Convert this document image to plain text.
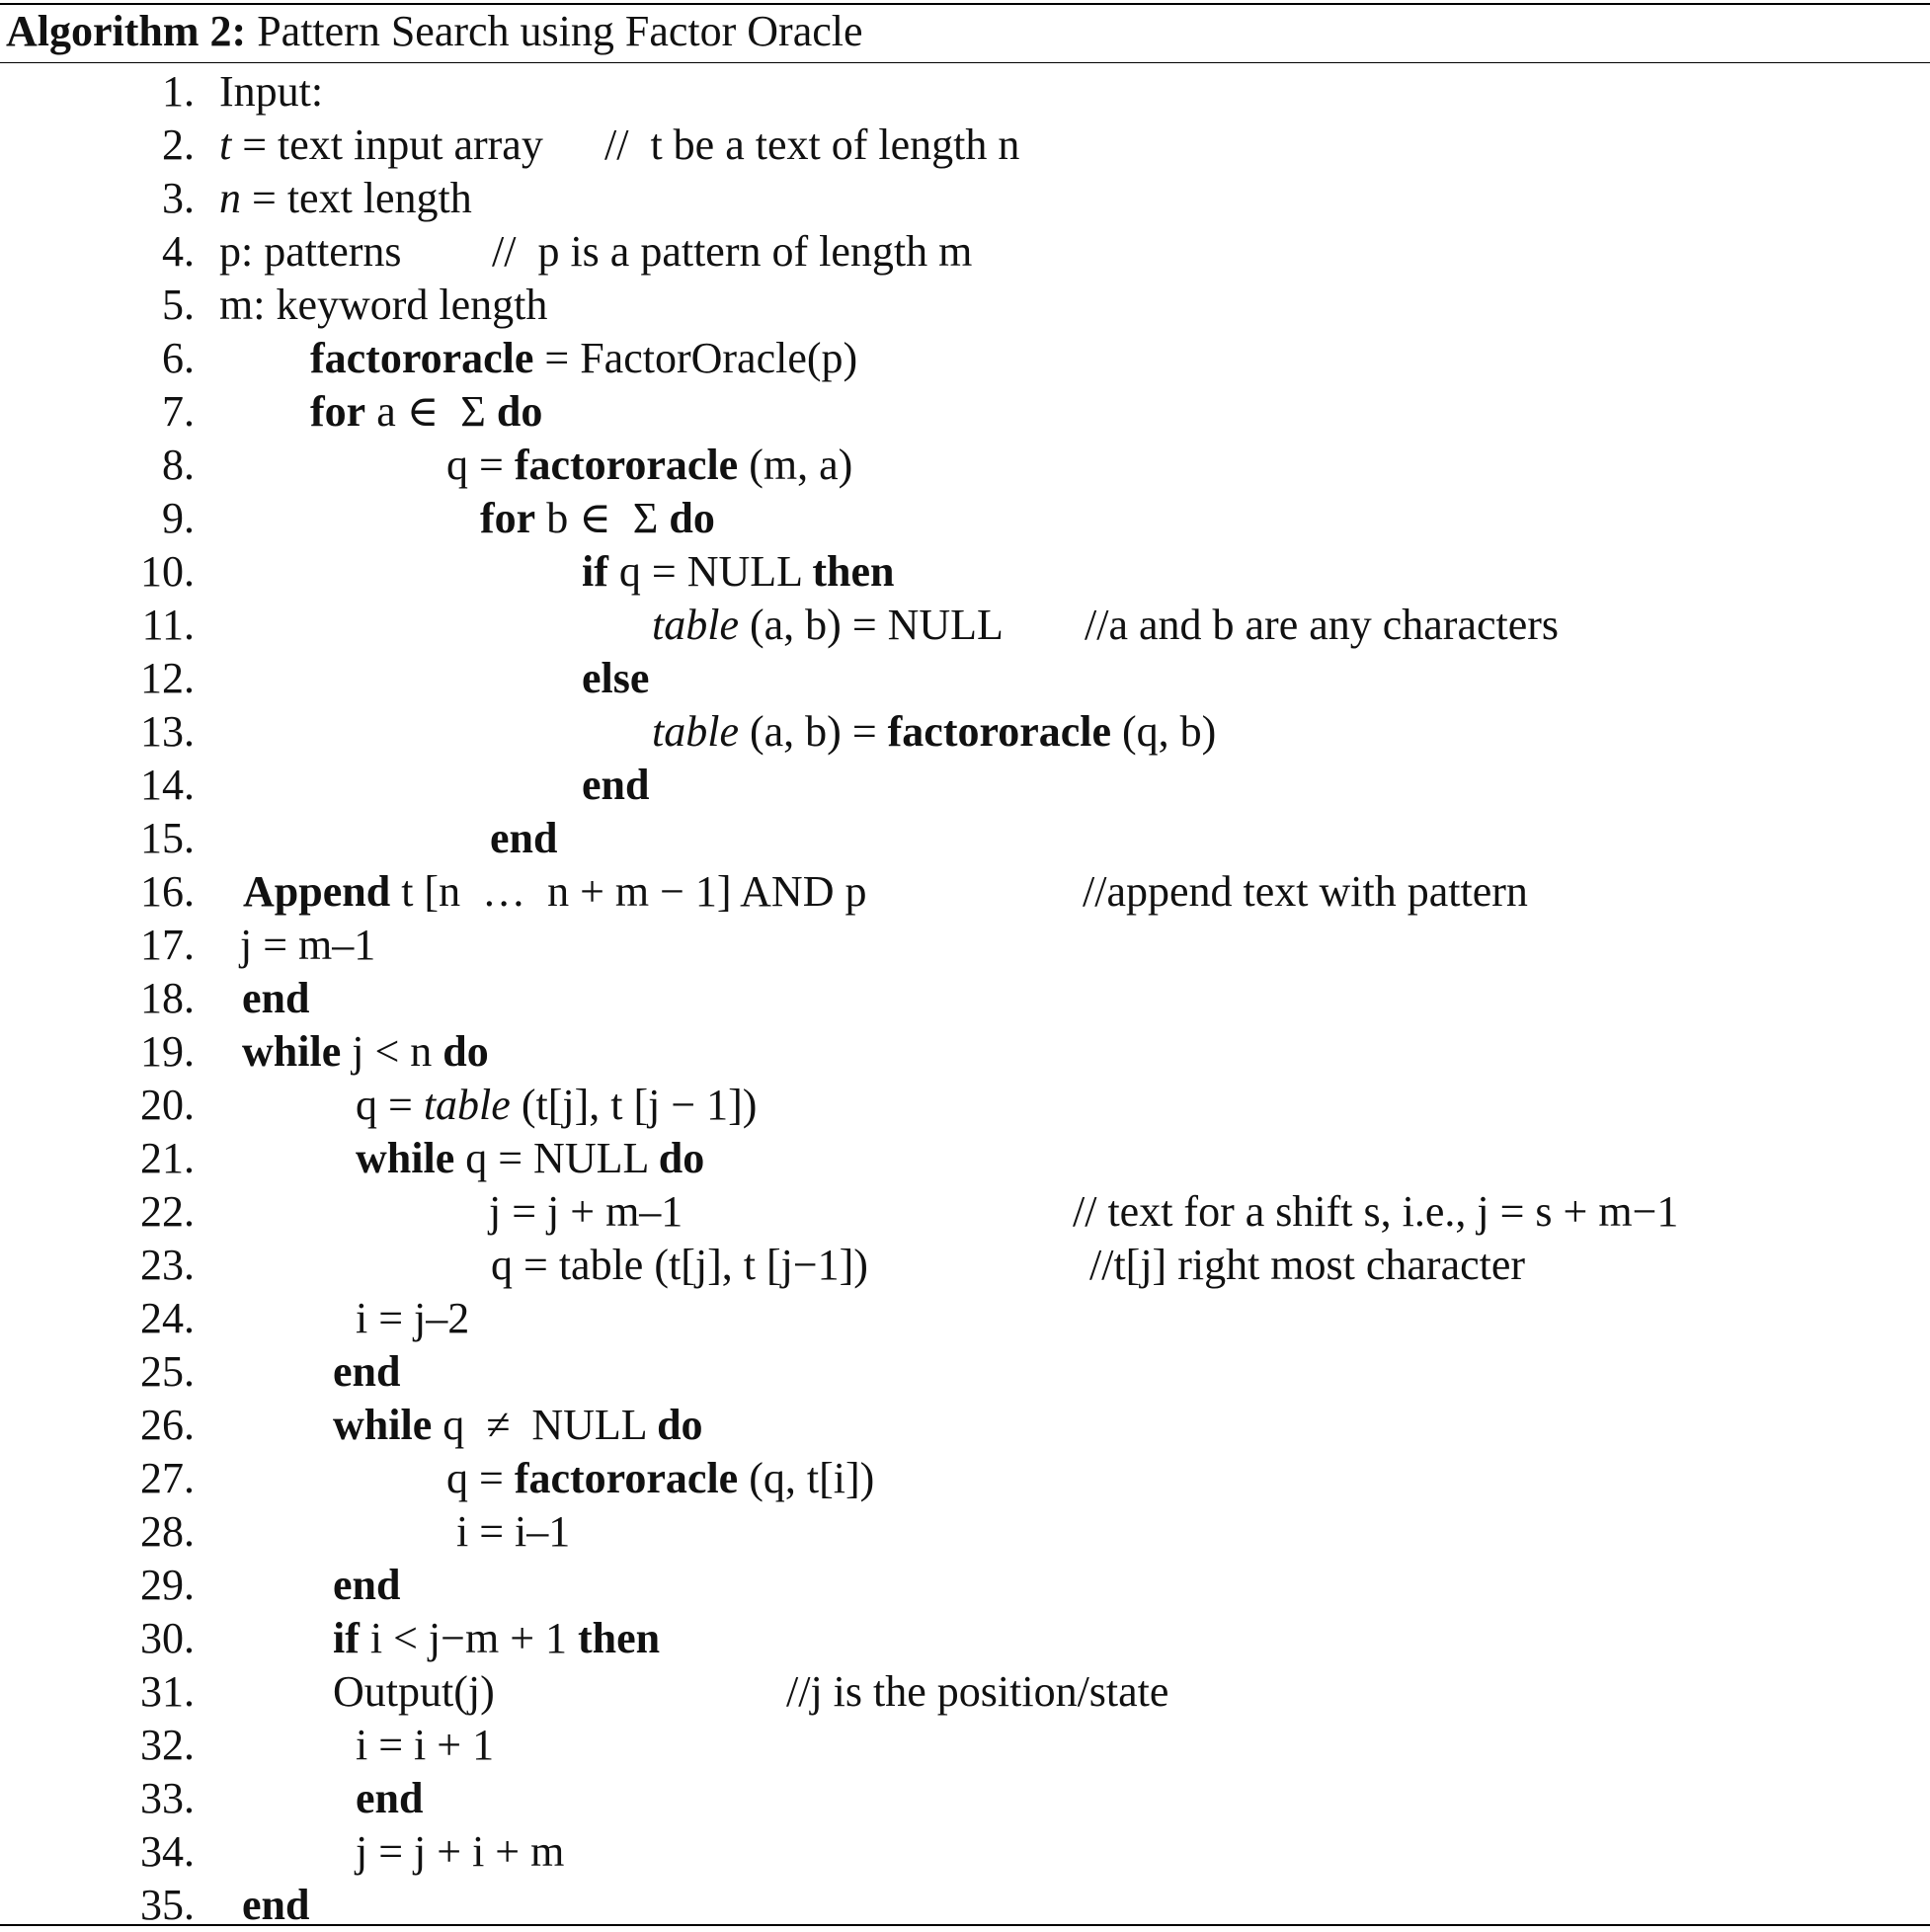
Algorithm 2: Pattern Search using Factor Oracle
1. Input:
2. t = text input array //  t be a text of length n
3. n = text length
4. p: patterns //  p is a pattern of length m
5. m: keyword length
6.	factororacle = FactorOracle(p)
7.	for a ∈  Σ do
8.	q = factororacle (m, a)
9.	for b ∈  Σ do
10.	if q = NULL then
11.	table (a, b) = NULL //a and b are any characters
12.	else
13.	table (a, b) = factororacle (q, b)
14.	end
15.	end
16. Append t [n  …  n + m − 1] AND p	//append text with pattern
17. j = m–1
18. end
19. while j < n do
20.	q = table (t[j], t [j − 1])
21.	while q = NULL do
22.	j = j + m–1	// text for a shift s, i.e., j = s + m−1
23.	q = table (t[j], t [j−1])	//t[j] right most character
24.	i = j–2
25.	end
26.	while q  ≠  NULL do
27.	q = factororacle (q, t[i])
28.	i = i–1
29.	end
30.	if i < j−m + 1 then
31.	Output(j)	//j is the position/state
32.	i = i + 1
33.	end
34.	j = j + i + m
35. end
